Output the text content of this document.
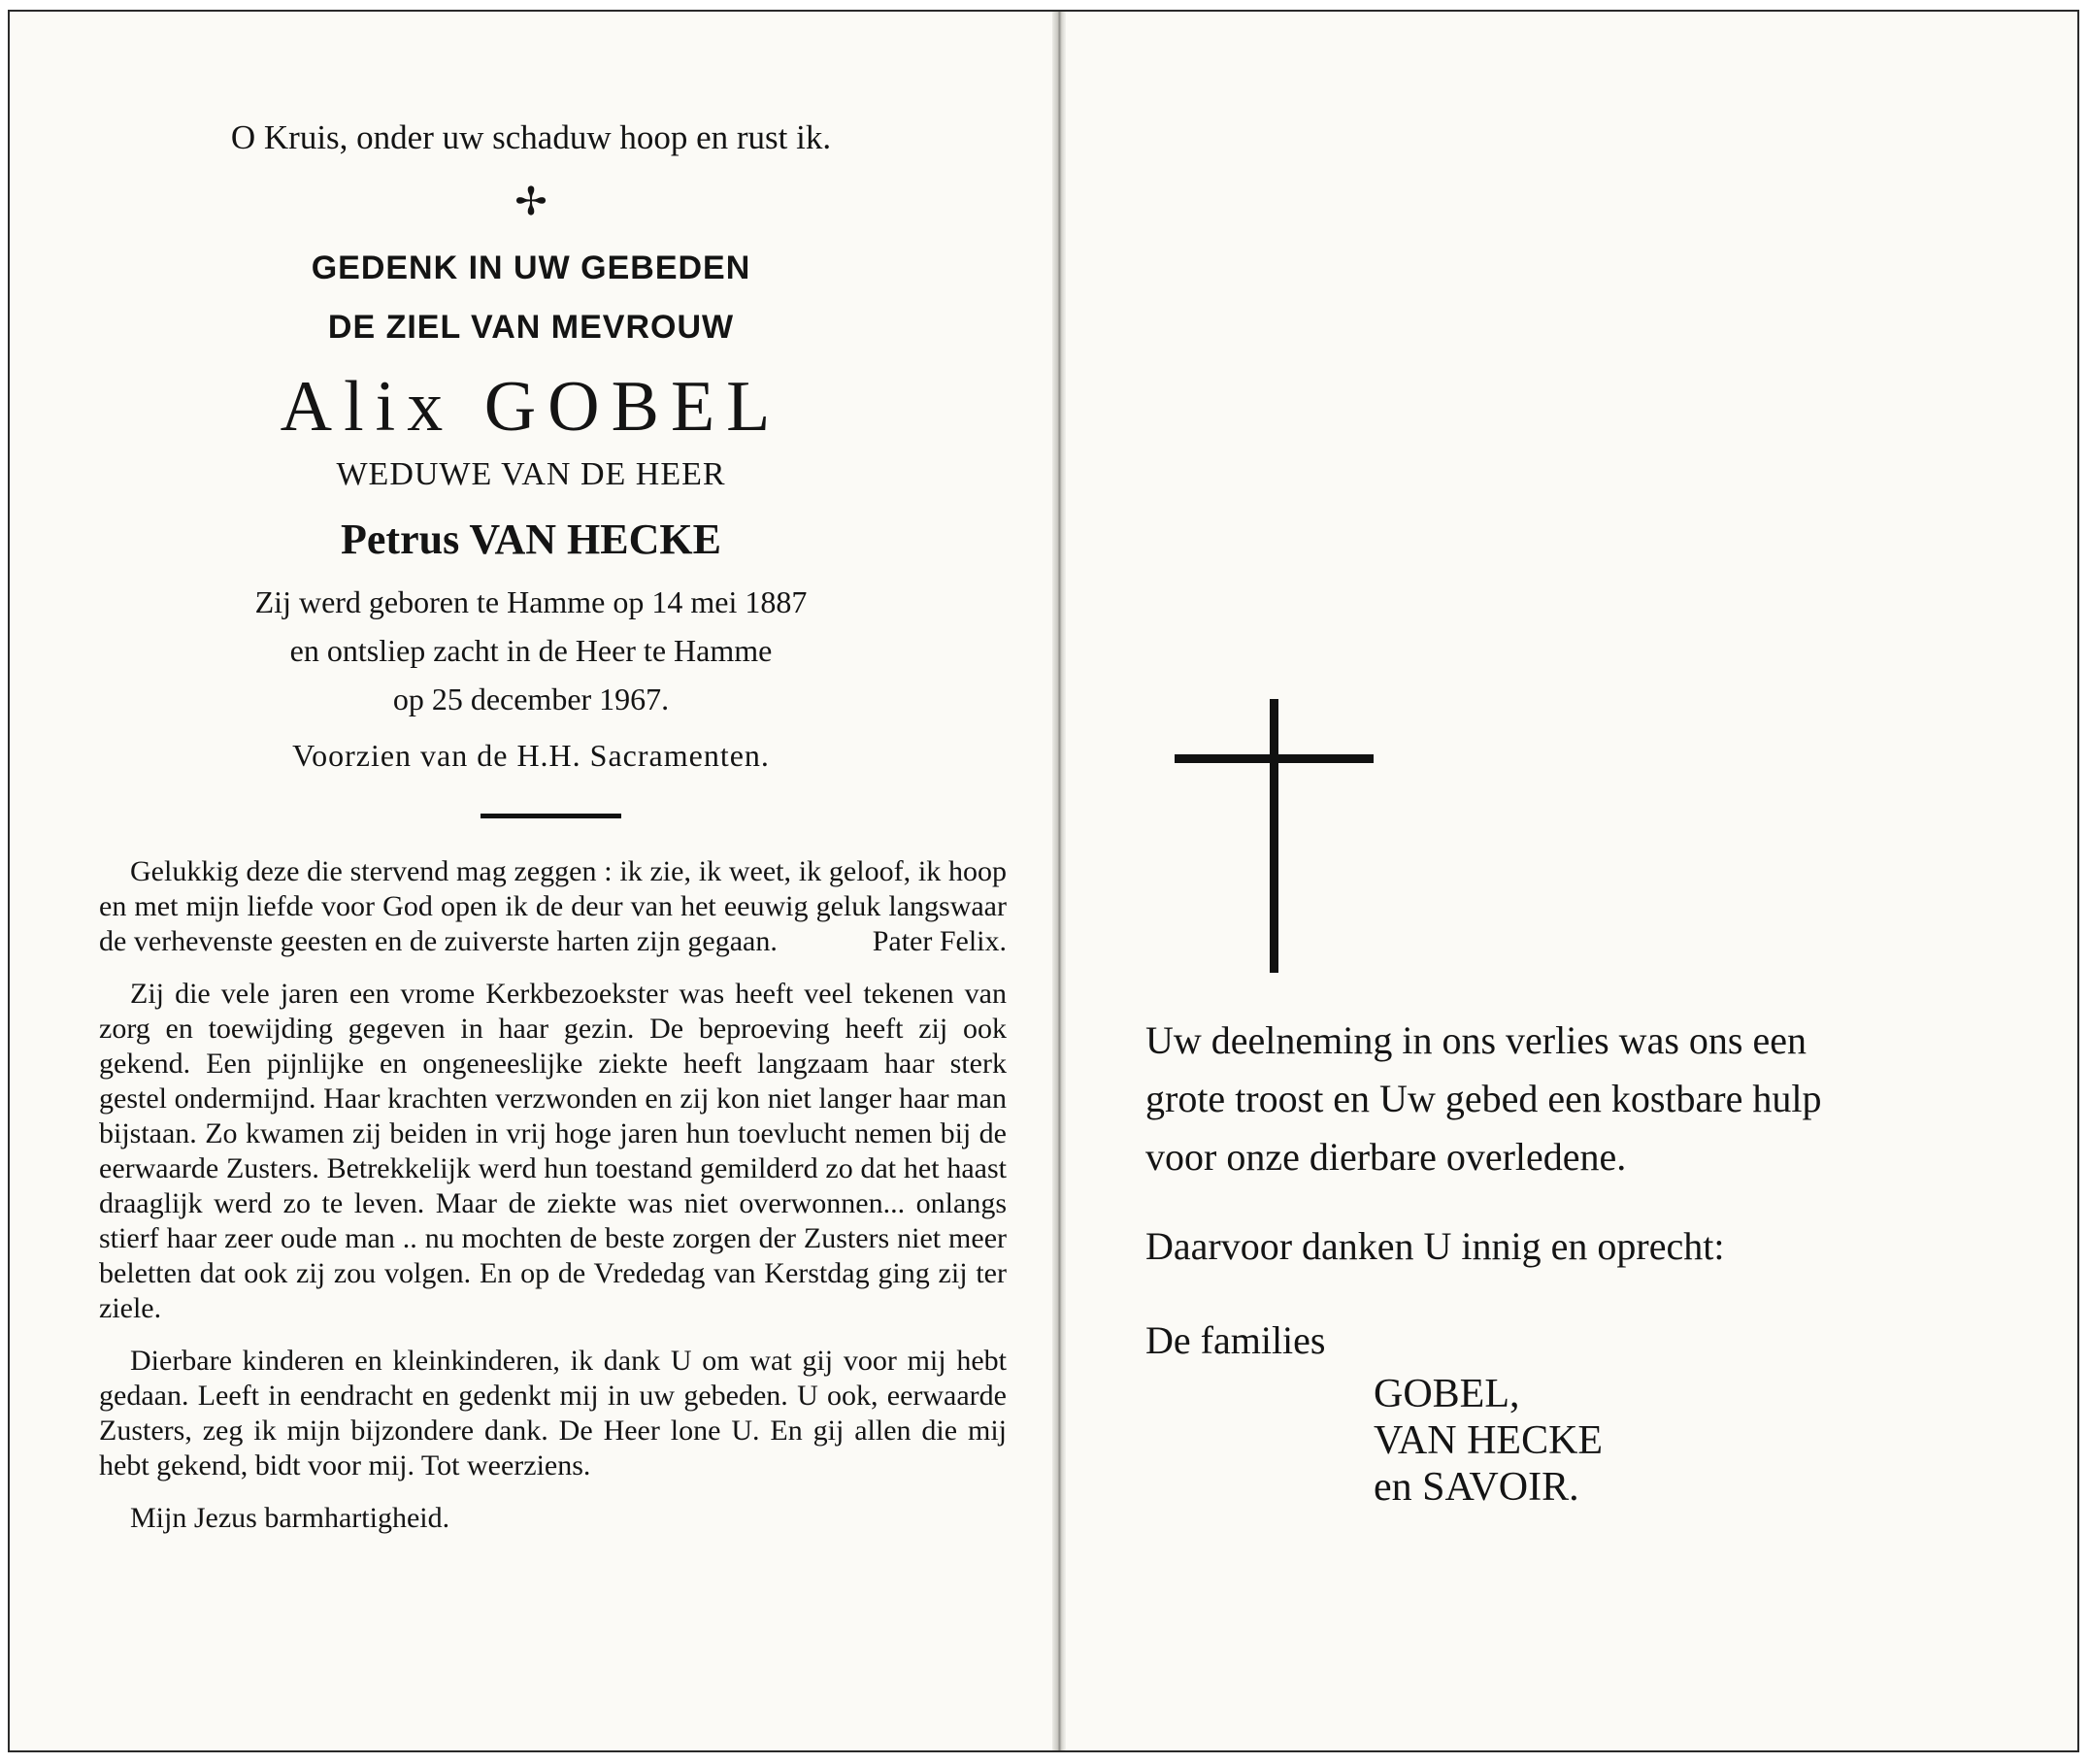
O Kruis, onder uw schaduw hoop en rust ik.
✢
GEDENK IN UW GEBEDEN
DE ZIEL VAN MEVROUW
Alix GOBEL
WEDUWE VAN DE HEER
Petrus VAN HECKE
Zij werd geboren te Hamme op 14 mei 1887
en ontsliep zacht in de Heer te Hamme
op 25 december 1967.
Voorzien van de H.H. Sacramenten.

Gelukkig deze die stervend mag zeggen : ik zie, ik weet, ik geloof, ik hoop en met mijn liefde voor God open ik de deur van het eeuwig geluk langswaar de verhevenste geesten en de zuiverste harten zijn gegaan.	Pater Felix.

Zij die vele jaren een vrome Kerkbezoekster was heeft veel tekenen van zorg en toewijding gegeven in haar gezin. De beproeving heeft zij ook gekend. Een pijnlijke en ongeneeslijke ziekte heeft langzaam haar sterk gestel ondermijnd. Haar krachten verzwonden en zij kon niet langer haar man bijstaan. Zo kwamen zij beiden in vrij hoge jaren hun toevlucht nemen bij de eerwaarde Zusters. Betrekkelijk werd hun toestand gemilderd zo dat het haast draaglijk werd zo te leven. Maar de ziekte was niet overwonnen... onlangs stierf haar zeer oude man .. nu mochten de beste zorgen der Zusters niet meer beletten dat ook zij zou volgen. En op de Vrededag van Kerstdag ging zij ter ziele.

Dierbare kinderen en kleinkinderen, ik dank U om wat gij voor mij hebt gedaan. Leeft in eendracht en gedenkt mij in uw gebeden. U ook, eerwaarde Zusters, zeg ik mijn bijzondere dank. De Heer lone U. En gij allen die mij hebt gekend, bidt voor mij. Tot weerziens.

Mijn Jezus barmhartigheid.

Uw deelneming in ons verlies was ons een
grote troost en Uw gebed een kostbare hulp
voor onze dierbare overledene.
Daarvoor danken U innig en oprecht:
De families
GOBEL,
VAN HECKE
en SAVOIR.
